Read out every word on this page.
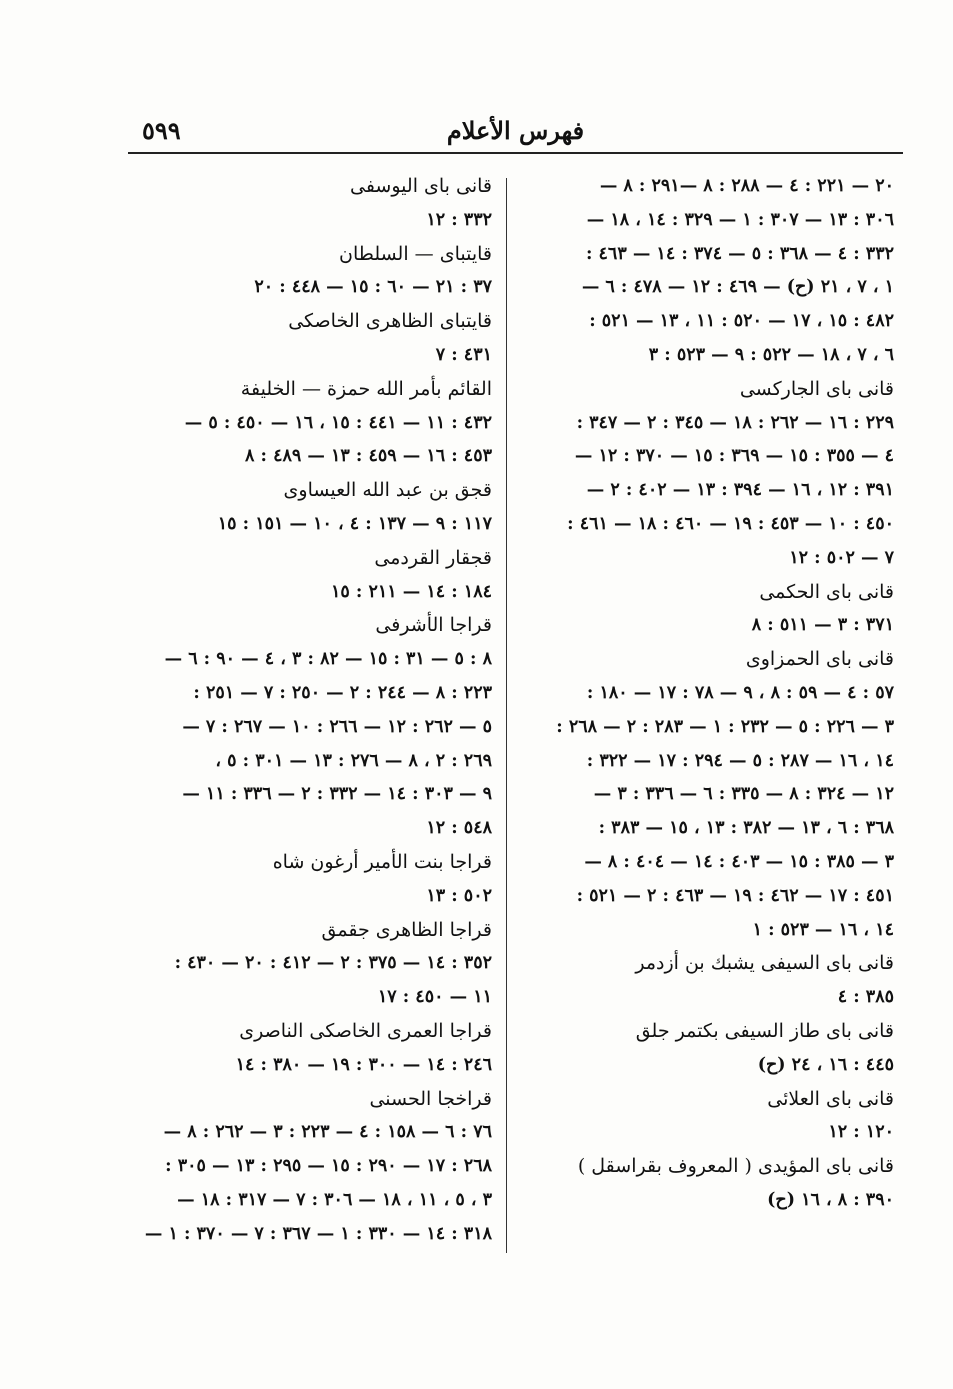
٥٩٩	فهرس الأعلام
٢٠ — ٢٢١ : ٤ — ٢٨٨ : ٨ —٢٩١ : ٨ —
٣٠٦ : ١٣ — ٣٠٧ : ١ — ٣٢٩ : ١٤ ، ١٨ —
٣٣٢ : ٤ — ٣٦٨ : ٥ — ٣٧٤ : ١٤ — ٤٦٣ :
١ ، ٧ ، ٢١ (ح) — ٤٦٩ : ١٢ — ٤٧٨ : ٦ —
٤٨٢ : ١٥ ، ١٧ — ٥٢٠ : ١١ ، ١٣ — ٥٢١ :
٦ ، ٧ ، ١٨ — ٥٢٢ : ٩ — ٥٢٣ : ٣
قانى باى الجاركسى
٢٢٩ : ١٦ — ٢٦٢ : ١٨ — ٣٤٥ : ٢ — ٣٤٧ :
٤ — ٣٥٥ : ١٥ — ٣٦٩ : ١٥ — ٣٧٠ : ١٢ —
٣٩١ : ١٢ ، ١٦ — ٣٩٤ : ١٣ — ٤٠٢ : ٢ —
٤٥٠ : ١٠ — ٤٥٣ : ١٩ — ٤٦٠ : ١٨ — ٤٦١ :
٧ — ٥٠٢ : ١٢
قانى باى الحكمى
٣٧١ : ٣ — ٥١١ : ٨
قانى باى الحمزاوى
٥٧ : ٤ — ٥٩ : ٨ ، ٩ — ٧٨ : ١٧ — ١٨٠ :
٣ — ٢٢٦ : ٥ — ٢٣٢ : ١ — ٢٨٣ : ٢ — ٢٦٨ :
١٤ ، ١٦ — ٢٨٧ : ٥ — ٢٩٤ : ١٧ — ٣٢٢ :
١٢ — ٣٢٤ : ٨ — ٣٣٥ : ٦ — ٣٣٦ : ٣ —
٣٦٨ : ٦ ، ١٣ — ٣٨٢ : ١٣ ، ١٥ — ٣٨٣ :
٣ — ٣٨٥ : ١٥ — ٤٠٣ : ١٤ — ٤٠٤ : ٨ —
٤٥١ : ١٧ — ٤٦٢ : ١٩ — ٤٦٣ : ٢ — ٥٢١ :
١٤ ، ١٦ — ٥٢٣ : ١
قانى باى السيفى يشبك بن أزدمر
٣٨٥ : ٤
قانى باى طاز السيفى بكتمر جلق
٤٤٥ : ١٦ ، ٢٤ (ح)
قانى باى العلائى
١٢٠ : ١٢
قانى باى المؤيدى ( المعروف بقراسقل )
٣٩٠ : ٨ ، ١٦ (ح)
قانى باى اليوسفى
٣٣٢ : ١٢
قايتباى — السلطان
٣٧ : ٢١ — ٦٠ : ١٥ — ٤٤٨ : ٢٠
قايتباى الظاهرى الخاصكى
٤٣١ : ٧
القائم بأمر الله حمزة — الخليفة
٤٣٢ : ١١ — ٤٤١ : ١٥ ، ١٦ — ٤٥٠ : ٥ —
٤٥٣ : ١٦ — ٤٥٩ : ١٣ — ٤٨٩ : ٨
قجق بن عبد الله العيساوى
١١٧ : ٩ — ١٣٧ : ٤ ، ١٠ — ١٥١ : ١٥
قجقار القردمى
١٨٤ : ١٤ — ٢١١ : ١٥
قراجا الأشرفى
٨ : ٥ — ٣١ : ١٥ — ٨٢ : ٣ ، ٤ — ٩٠ : ٦ —
٢٢٣ : ٨ — ٢٤٤ : ٢ — ٢٥٠ : ٧ — ٢٥١ :
٥ — ٢٦٢ : ١٢ — ٢٦٦ : ١٠ — ٢٦٧ : ٧ —
٢٦٩ : ٢ ، ٨ — ٢٧٦ : ١٣ — ٣٠١ : ٥ ،
٩ — ٣٠٣ : ١٤ — ٣٣٢ : ٢ — ٣٣٦ : ١١ —
٥٤٨ : ١٢
قراجا بنت الأمير أرغون شاه
٥٠٢ : ١٣
قراجا الظاهرى جقمق
٣٥٢ : ١٤ — ٣٧٥ : ٢ — ٤١٢ : ٢٠ — ٤٣٠ :
١١ — ٤٥٠ : ١٧
قراجا العمرى الخاصكى الناصرى
٢٤٦ : ١٤ — ٣٠٠ : ١٩ — ٣٨٠ : ١٤
قراخجا الحسنى
٧٦ : ٦ — ١٥٨ : ٤ — ٢٢٣ : ٣ — ٢٦٢ : ٨ —
٢٦٨ : ١٧ — ٢٩٠ : ١٥ — ٢٩٥ : ١٣ — ٣٠٥ :
٣ ، ٥ ، ١١ ، ١٨ — ٣٠٦ : ٧ — ٣١٧ : ١٨ —
٣١٨ : ١٤ — ٣٣٠ : ١ — ٣٦٧ : ٧ — ٣٧٠ : ١ —
